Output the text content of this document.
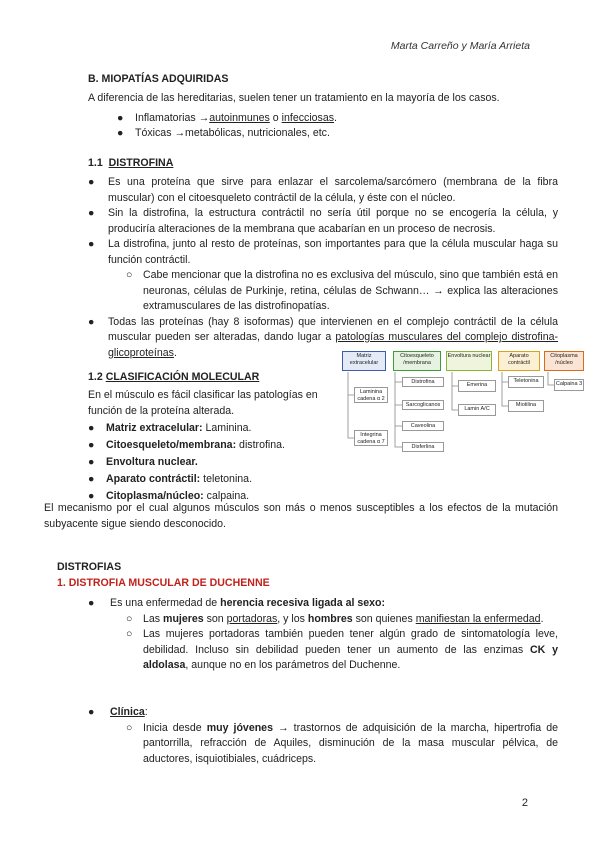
Marta Carreño y María Arrieta
B. MIOPATÍAS ADQUIRIDAS
A diferencia de las hereditarias, suelen tener un tratamiento en la mayoría de los casos.
● Inflamatorias →autoinmunes o infecciosas.
● Tóxicas →metabólicas, nutricionales, etc.
1.1 DISTROFINA
●	Es una proteína que sirve para enlazar el sarcolema/sarcómero (membrana de la fibra muscular) con el citoesqueleto contráctil de la célula, y éste con el núcleo.
●	Sin la distrofina, la estructura contráctil no sería útil porque no se encogería la célula, y produciría alteraciones de la membrana que acabarían en un proceso de necrosis.
●	La distrofina, junto al resto de proteínas, son importantes para que la célula muscular haga su función contráctil.
○ Cabe mencionar que la distrofina no es exclusiva del músculo, sino que también está en neuronas, células de Purkinje, retina, células de Schwann… → explica las alteraciones extramusculares de las distrofinopatías.
●	Todas las proteínas (hay 8 isoformas) que intervienen en el complejo contráctil de la célula muscular pueden ser alteradas, dando lugar a patologías musculares del complejo distrofina-glicoproteínas.
1.2 CLASIFICACIÓN MOLECULAR
En el músculo es fácil clasificar las patologías en función de la proteína alterada.
● Matriz extracelular: Laminina.
● Citoesqueleto/membrana: distrofina.
● Envoltura nuclear.
● Aparato contráctil: teletonina.
● Citoplasma/núcleo: calpaina.
Matriz extracelular
Citoesqueleto /membrana
Envoltura nuclear	Aparato contráctil
Citoplasma /núcleo
Laminina cadena α 2
Integrina cadena α 7
Distrofina
Sarcoglicanos
Caveolina
Disferlina
Emerina
Lamin A/C
Teletonina
Miotilina
Calpaina 3
El mecanismo por el cual algunos músculos son más o menos susceptibles a los efectos de la mutación subyacente sigue siendo desconocido.
DISTROFIAS
1. DISTROFIA MUSCULAR DE DUCHENNE
●	Es una enfermedad de herencia recesiva ligada al sexo:
○ Las mujeres son portadoras, y los hombres son quienes manifiestan la enfermedad.
○ Las mujeres portadoras también pueden tener algún grado de sintomatología leve, debilidad. Incluso sin debilidad pueden tener un aumento de las enzimas CK y aldolasa, aunque no en los parámetros del Duchenne.
●	Clínica:
○ Inicia desde muy jóvenes → trastornos de adquisición de la marcha, hipertrofia de pantorrilla, refracción de Aquiles, disminución de la masa muscular pélvica, de aductores, isquiotibiales, cuádriceps.
2
